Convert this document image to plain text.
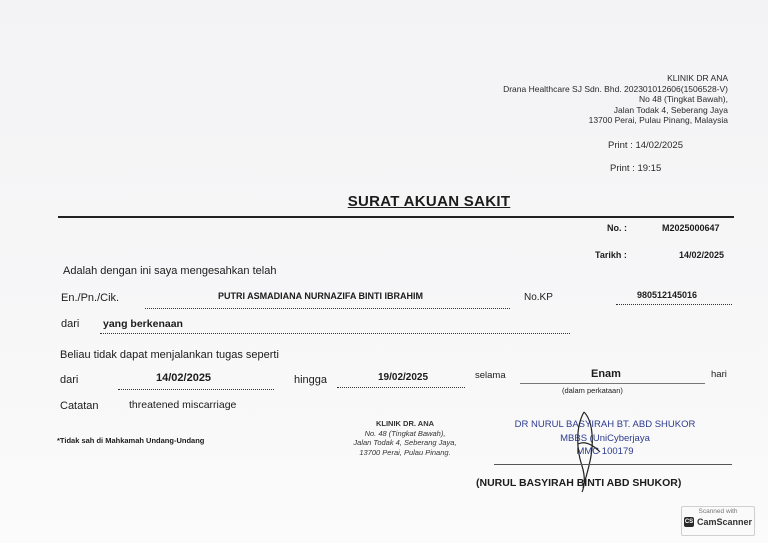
KLINIK DR ANA
Drana Healthcare SJ Sdn. Bhd. 202301012606(1506528-V)
No 48 (Tingkat Bawah),
Jalan Todak 4, Seberang Jaya
13700 Perai, Pulau Pinang, Malaysia
Print : 14/02/2025
Print : 19:15
SURAT AKUAN SAKIT
No. :	M2025000647
Tarikh :	14/02/2025
Adalah dengan ini saya mengesahkan telah
En./Pn./Cik.	PUTRI ASMADIANA NURNAZIFA BINTI IBRAHIM	No.KP	980512145016
dari yang berkenaan
Beliau tidak dapat menjalankan tugas seperti
dari	14/02/2025	hingga	19/02/2025	selama	Enam
(dalam perkataan)
hari
Catatan	threatened miscarriage
*Tidak sah di Mahkamah Undang-Undang
KLINIK DR. ANA
No. 48 (Tingkat Bawah),
Jalan Todak 4, Seberang Jaya,
13700 Perai, Pulau Pinang.
DR NURUL BASYIRAH BT. ABD SHUKOR
MBBS (UniCyberjaya
MMC 100179
(NURUL BASYIRAH BINTI ABD SHUKOR)
Scanned with
CS CamScanner
